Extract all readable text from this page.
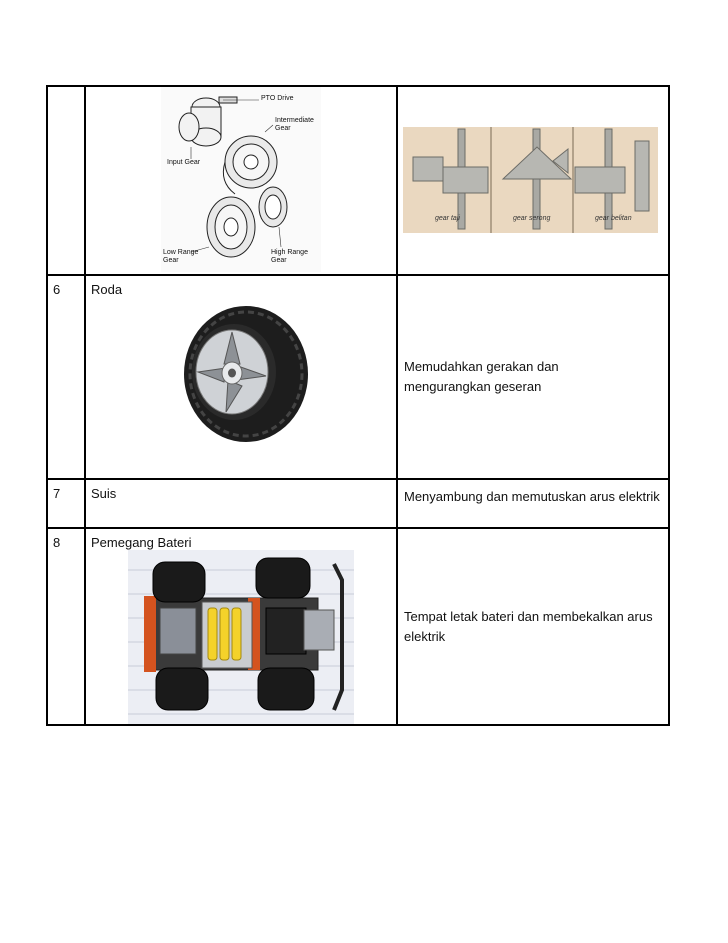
	PTO Drive
Intermediate Gear
Input Gear
Low Range Gear
High Range Gear	gear taji gear serong gear belitan

6	Roda	Memudahkan gerakan dan mengurangkan geseran

7	Suis	Menyambung dan memutuskan arus elektrik

8	Pemegang Bateri	Tempat letak bateri dan membekalkan arus elektrik
